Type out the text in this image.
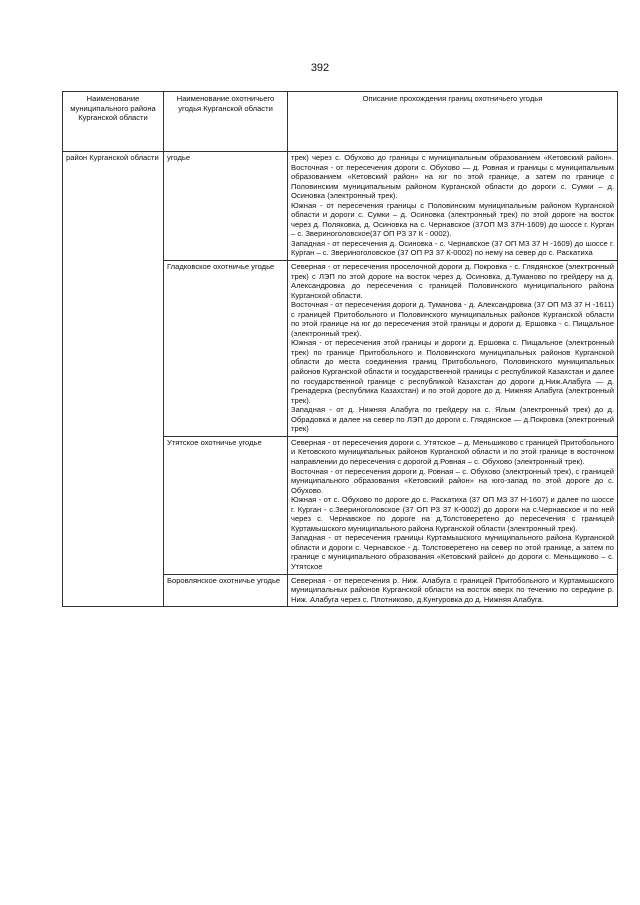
392
Наименование муниципального района Курганской области	Наименование охотничьего угодья Курганской области	Описание прохождения границ охотничьего угодья
район Курганской области	угодье	трек) через с. Обухово до границы с муниципальным образованием «Кетовский район». Восточная - от пересечения дороги с. Обухово — д. Ровная и границы с муниципальным образованием «Кетовский район» на юг по этой границе, а затем по границе с Половинским муниципальным районом Курганской области до дороги с. Сумки – д. Осиновка (электронный трек).
Южная - от пересечения границы с Половинским муниципальным районом Курганской области и дороги с. Сумки – д. Осиновка (электронный трек) по этой дороге на восток через д. Поляковка, д. Осиновка на с. Чернавское (37ОП МЗ 37Н-1609) до шоссе г. Курган – с. Звериноголовское(37 ОП РЗ 37 К - 0002).
Западная - от пересечения д. Осиновка - с. Чернавское (37 ОП МЗ 37 Н -1609) до шоссе г. Курган – с. Звериноголовское (37 ОП РЗ 37 К-0002) по нему на север до с. Раскатиха

	Гладковское охотничье угодье	Северная - от пересечения проселочной дороги д. Покровка - с. Глядянское (электронный трек) с ЛЭП по этой дороге на восток через д. Осиновка, д.Туманово по грейдеру на д. Александровка до пересечения с границей Половинского муниципального района Курганской области.
Восточная - от пересечения дороги д. Туманова - д. Александровка (37 ОП МЗ 37 Н -1611) с границей Притобольного и Половинского муниципальных районов Курганской области по этой границе на юг до пересечения этой границы и дороги д. Ершовка - с. Пищальное (электронный трек).
Южная - от пересечения этой границы и дороги д. Ершовка с. Пищальное (электронный трек) по границе Притобольного и Половинского муниципальных районов Курганской области до места соединения границ Притобольного, Половинского муниципальных районов Курганской области и государственной границы с республикой Казахстан и далее по государственной границе с республикой Казахстан до дороги д.Ниж.Алабуга — д. Гренадерка (республика Казахстан) и по этой дороге до д. Нижняя Алабуга (электронный трек).
Западная - от д. Нижняя Алабуга по грейдеру на с. Ялым (электронный трек) до д. Обрадовка и далее на север по ЛЭП до дороги с. Глядянское — д.Покровка (электронный трек)

	Утятское охотничье угодье	Северная - от пересечения дороги с. Утятское – д. Меньшиково с границей Притобольного и Кетовского муниципальных районов Курганской области и по этой границе в восточном направлении до пересечения с дорогой д.Ровная – с. Обухово (электронный трек).
Восточная - от пересечения дороги д. Ровная – с. Обухово (электронный трек), с границей муниципального образования «Кетовский район» на юго-запад по этой дороге до с. Обухово.
Южная - от с. Обухово по дороге до с. Раскатиха (37 ОП МЗ 37 Н-1607) и далее по шоссе г. Курган - с.Звериноголовское (37 ОП РЗ 37 К-0002) до дороги на с.Чернавское и по ней через с. Чернавское по дороге на д.Толстоверетено до пересечения с границей Куртамышского муниципального района Курганской области (электронный трек).
Западная - от пересечения границы Куртамышского муниципального района Курганской области и дороги с. Чернавское - д. Толстоверетено на север по этой границе, а затем по границе с муниципального образования «Кетовский район» до дороги с. Меньщиково – с. Утятское

	Боровлянское охотничье угодье	Северная - от пересечения р. Ниж. Алабуга с границей Притобольного и Куртамышского муниципальных районов Курганской области на восток вверх по течению по середине р. Ниж. Алабуга через с. Плотниково, д.Кунгуровка до д. Нижняя Алабуга.
